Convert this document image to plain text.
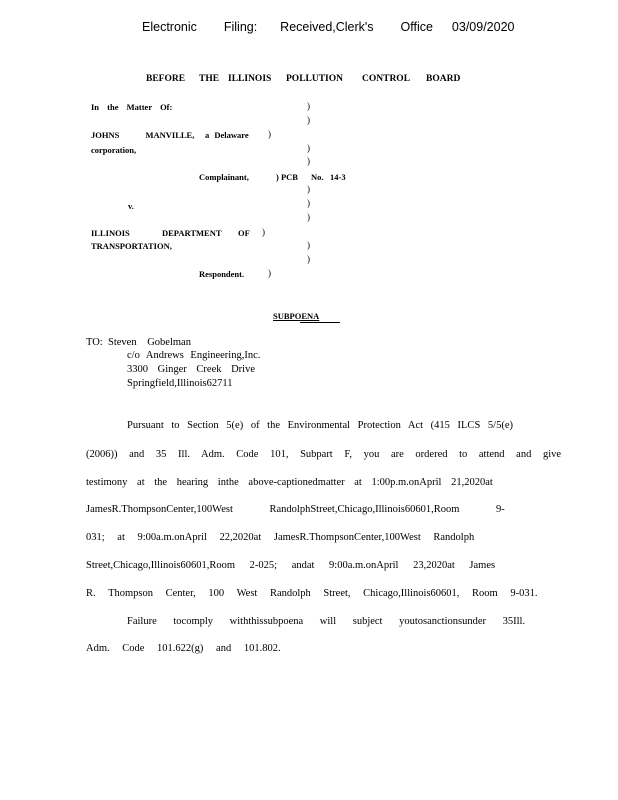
Electronic Filing: Received,Clerk's Office 03/09/2020
BEFORE THE ILLINOIS POLLUTION CONTROL BOARD
In the Matter Of:
JOHNS MANVILLE, a Delaware
corporation,
Complainant,	) PCB No. 14-3
v.
ILLINOIS	DEPARTMENT OF
TRANSPORTATION,
Respondent.
)
)
)
)
)
)
)
)
)
)
)
)
SUBPOENA
TO: Steven Gobelman
c/o Andrews Engineering,Inc.
3300 Ginger Creek Drive
Springfield,Illinois62711
Pursuant to Section 5(e) of the Environmental Protection Act (415 ILCS 5/5(e)
(2006)) and 35 Ill. Adm. Code 101, Subpart F, you are ordered to attend and give
testimony at the hearing inthe above-captionedmatter at 1:00p.m.onApril 21,2020at
JamesR.ThompsonCenter,100West RandolphStreet,Chicago,Illinois60601,Room 9-
031; at 9:00a.m.onApril 22,2020at JamesR.ThompsonCenter,100West Randolph
Street,Chicago,Illinois60601,Room 2-025; andat 9:00a.m.onApril 23,2020at James
R. Thompson Center, 100 West Randolph Street, Chicago,Illinois60601, Room 9-031.
Failure tocomply withthissubpoena will subject youtosanctionsunder 35Ill.
Adm. Code 101.622(g) and 101.802.
